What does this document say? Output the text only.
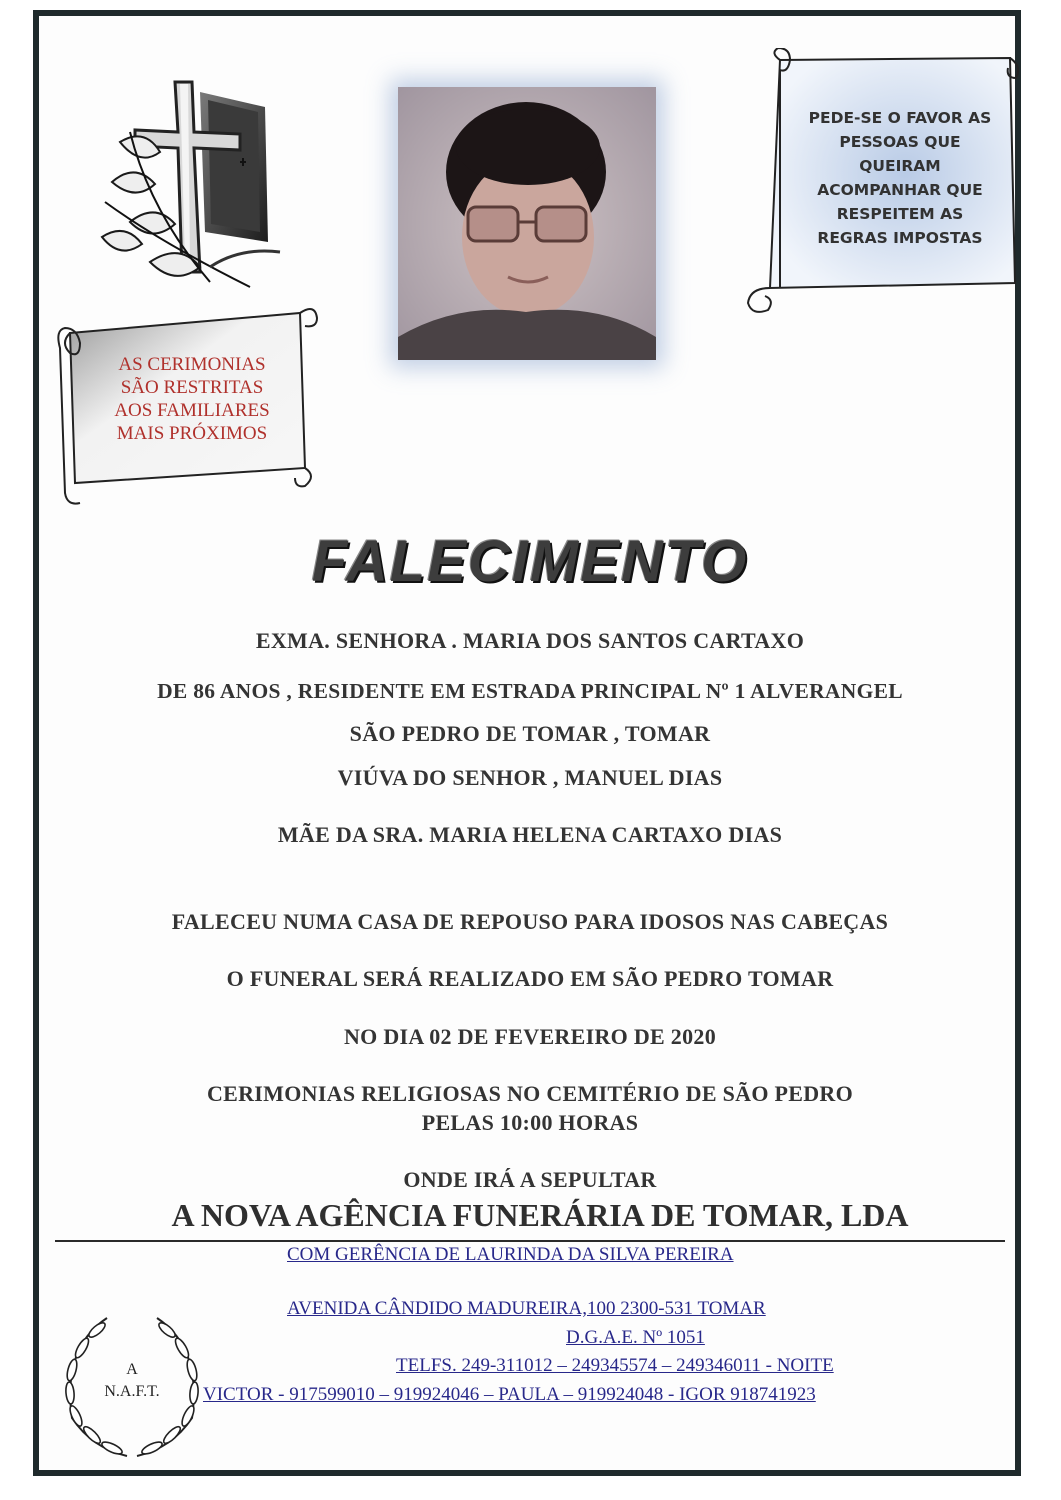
AS CERIMONIAS
SÃO RESTRITAS
AOS FAMILIARES
MAIS PRÓXIMOS
PEDE-SE O FAVOR AS
PESSOAS QUE
QUEIRAM
ACOMPANHAR QUE
RESPEITEM AS
REGRAS IMPOSTAS
FALECIMENTO
EXMA. SENHORA . MARIA DOS SANTOS CARTAXO
DE 86 ANOS , RESIDENTE EM ESTRADA PRINCIPAL Nº 1 ALVERANGEL
SÃO PEDRO DE TOMAR , TOMAR
VIÚVA DO SENHOR , MANUEL DIAS
MÃE DA SRA. MARIA HELENA CARTAXO DIAS
FALECEU NUMA CASA DE REPOUSO PARA IDOSOS NAS CABEÇAS
O FUNERAL SERÁ REALIZADO EM SÃO PEDRO TOMAR
NO DIA 02 DE FEVEREIRO DE 2020
CERIMONIAS RELIGIOSAS NO CEMITÉRIO DE SÃO PEDRO
PELAS 10:00 HORAS
ONDE IRÁ A SEPULTAR
A NOVA AGÊNCIA FUNERÁRIA DE TOMAR, LDA
COM GERÊNCIA DE LAURINDA DA SILVA PEREIRA
AVENIDA CÂNDIDO MADUREIRA,100 2300-531 TOMAR
D.G.A.E. Nº 1051
TELFS. 249-311012 – 249345574 – 249346011 - NOITE
VICTOR - 917599010 – 919924046 – PAULA – 919924048 - IGOR 918741923
A
N.A.F.T.
